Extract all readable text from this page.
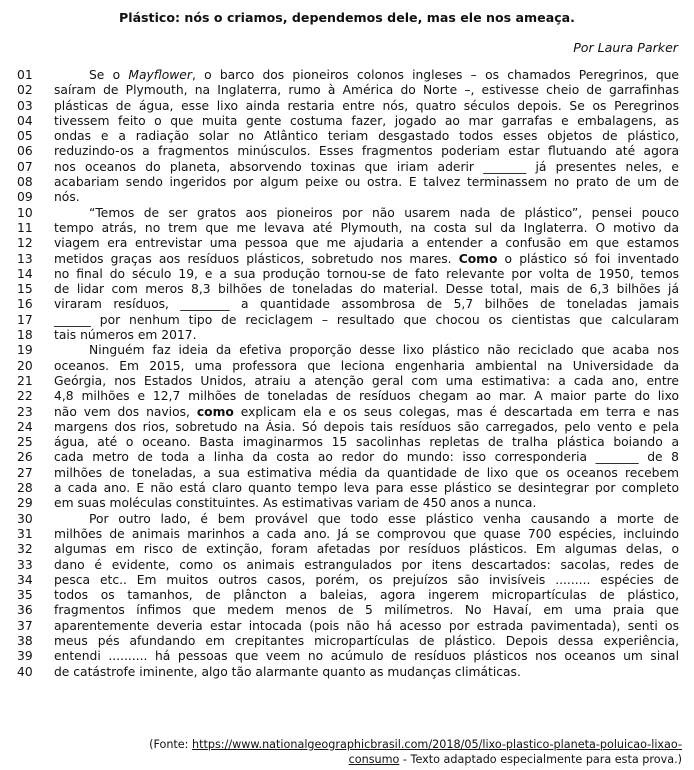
Plástico: nós o criamos, dependemos dele, mas ele nos ameaça.
Por Laura Parker
01	Se o Mayflower, o barco dos pioneiros colonos ingleses – os chamados Peregrinos, que
02	saíram de Plymouth, na Inglaterra, rumo à América do Norte –, estivesse cheio de garrafinhas
03	plásticas de água, esse lixo ainda restaria entre nós, quatro séculos depois. Se os Peregrinos
04	tivessem feito o que muita gente costuma fazer, jogado ao mar garrafas e embalagens, as
05	ondas e a radiação solar no Atlântico teriam desgastado todos esses objetos de plástico,
06	reduzindo-os a fragmentos minúsculos. Esses fragmentos poderiam estar flutuando até agora
07	nos oceanos do planeta, absorvendo toxinas que iriam aderir _______ já presentes neles, e
08	acabariam sendo ingeridos por algum peixe ou ostra. E talvez terminassem no prato de um de
09	nós.
10	“Temos de ser gratos aos pioneiros por não usarem nada de plástico”, pensei pouco
11	tempo atrás, no trem que me levava até Plymouth, na costa sul da Inglaterra. O motivo da
12	viagem era entrevistar uma pessoa que me ajudaria a entender a confusão em que estamos
13	metidos graças aos resíduos plásticos, sobretudo nos mares. Como o plástico só foi inventado
14	no final do século 19, e a sua produção tornou-se de fato relevante por volta de 1950, temos
15	de lidar com meros 8,3 bilhões de toneladas do material. Desse total, mais de 6,3 bilhões já
16	viraram resíduos, ________ a quantidade assombrosa de 5,7 bilhões de toneladas jamais
17	______ por nenhum tipo de reciclagem – resultado que chocou os cientistas que calcularam
18	tais números em 2017.
19	Ninguém faz ideia da efetiva proporção desse lixo plástico não reciclado que acaba nos
20	oceanos. Em 2015, uma professora que leciona engenharia ambiental na Universidade da
21	Geórgia, nos Estados Unidos, atraiu a atenção geral com uma estimativa: a cada ano, entre
22	4,8 milhões e 12,7 milhões de toneladas de resíduos chegam ao mar. A maior parte do lixo
23	não vem dos navios, como explicam ela e os seus colegas, mas é descartada em terra e nas
24	margens dos rios, sobretudo na Ásia. Só depois tais resíduos são carregados, pelo vento e pela
25	água, até o oceano. Basta imaginarmos 15 sacolinhas repletas de tralha plástica boiando a
26	cada metro de toda a linha da costa ao redor do mundo: isso corresponderia _______ de 8
27	milhões de toneladas, a sua estimativa média da quantidade de lixo que os oceanos recebem
28	a cada ano. E não está claro quanto tempo leva para esse plástico se desintegrar por completo
29	em suas moléculas constituintes. As estimativas variam de 450 anos a nunca.
30	Por outro lado, é bem provável que todo esse plástico venha causando a morte de
31	milhões de animais marinhos a cada ano. Já se comprovou que quase 700 espécies, incluindo
32	algumas em risco de extinção, foram afetadas por resíduos plásticos. Em algumas delas, o
33	dano é evidente, como os animais estrangulados por itens descartados: sacolas, redes de
34	pesca etc.. Em muitos outros casos, porém, os prejuízos são invisíveis ......... espécies de
35	todos os tamanhos, de plâncton a baleias, agora ingerem micropartículas de plástico,
36	fragmentos ínfimos que medem menos de 5 milímetros. No Havaí, em uma praia que
37	aparentemente deveria estar intocada (pois não há acesso por estrada pavimentada), senti os
38	meus pés afundando em crepitantes micropartículas de plástico. Depois dessa experiência,
39	entendi .......... há pessoas que veem no acúmulo de resíduos plásticos nos oceanos um sinal
40	de catástrofe iminente, algo tão alarmante quanto as mudanças climáticas.
(Fonte: https://www.nationalgeographicbrasil.com/2018/05/lixo-plastico-planeta-poluicao-lixao-
consumo - Texto adaptado especialmente para esta prova.)
